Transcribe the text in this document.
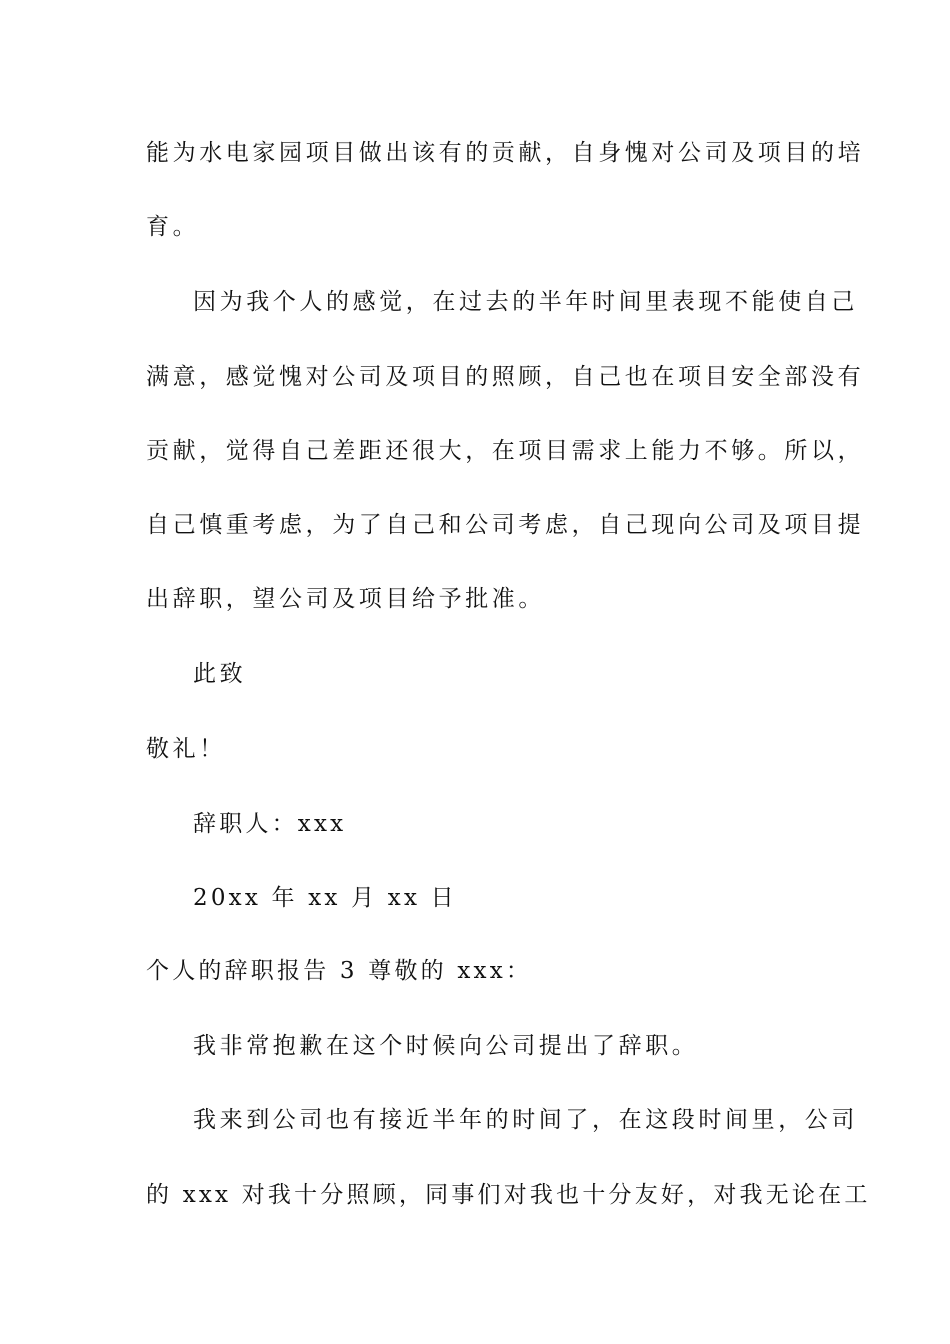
能为水电家园项目做出该有的贡献，自身愧对公司及项目的培
育。
因为我个人的感觉，在过去的半年时间里表现不能使自己
满意，感觉愧对公司及项目的照顾，自己也在项目安全部没有
贡献，觉得自己差距还很大，在项目需求上能力不够。所以，
自己慎重考虑，为了自己和公司考虑，自己现向公司及项目提
出辞职，望公司及项目给予批准。
此致
敬礼！
辞职人：xxx
20xx 年 xx 月 xx 日
个人的辞职报告 3 尊敬的 xxx：
我非常抱歉在这个时候向公司提出了辞职。
我来到公司也有接近半年的时间了，在这段时间里，公司
的 xxx 对我十分照顾，同事们对我也十分友好，对我无论在工
